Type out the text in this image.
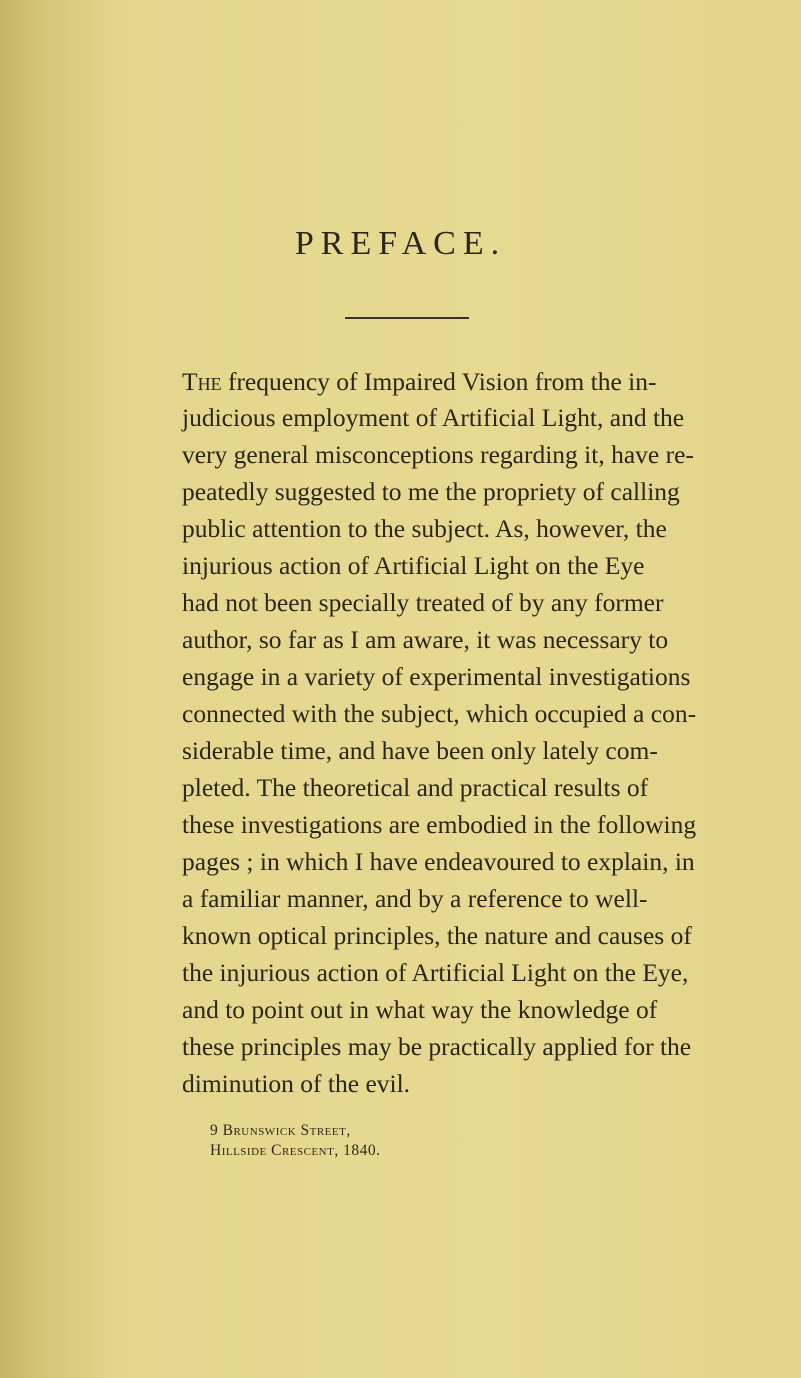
PREFACE.
The frequency of Impaired Vision from the in-
judicious employment of Artificial Light, and the
very general misconceptions regarding it, have re-
peatedly suggested to me the propriety of calling
public attention to the subject. As, however, the
injurious action of Artificial Light on the Eye
had not been specially treated of by any former
author, so far as I am aware, it was necessary to
engage in a variety of experimental investigations
connected with the subject, which occupied a con-
siderable time, and have been only lately com-
pleted. The theoretical and practical results of
these investigations are embodied in the following
pages ; in which I have endeavoured to explain, in
a familiar manner, and by a reference to well-
known optical principles, the nature and causes of
the injurious action of Artificial Light on the Eye,
and to point out in what way the knowledge of
these principles may be practically applied for the
diminution of the evil.
9 Brunswick Street,
Hillside Crescent, 1840.
